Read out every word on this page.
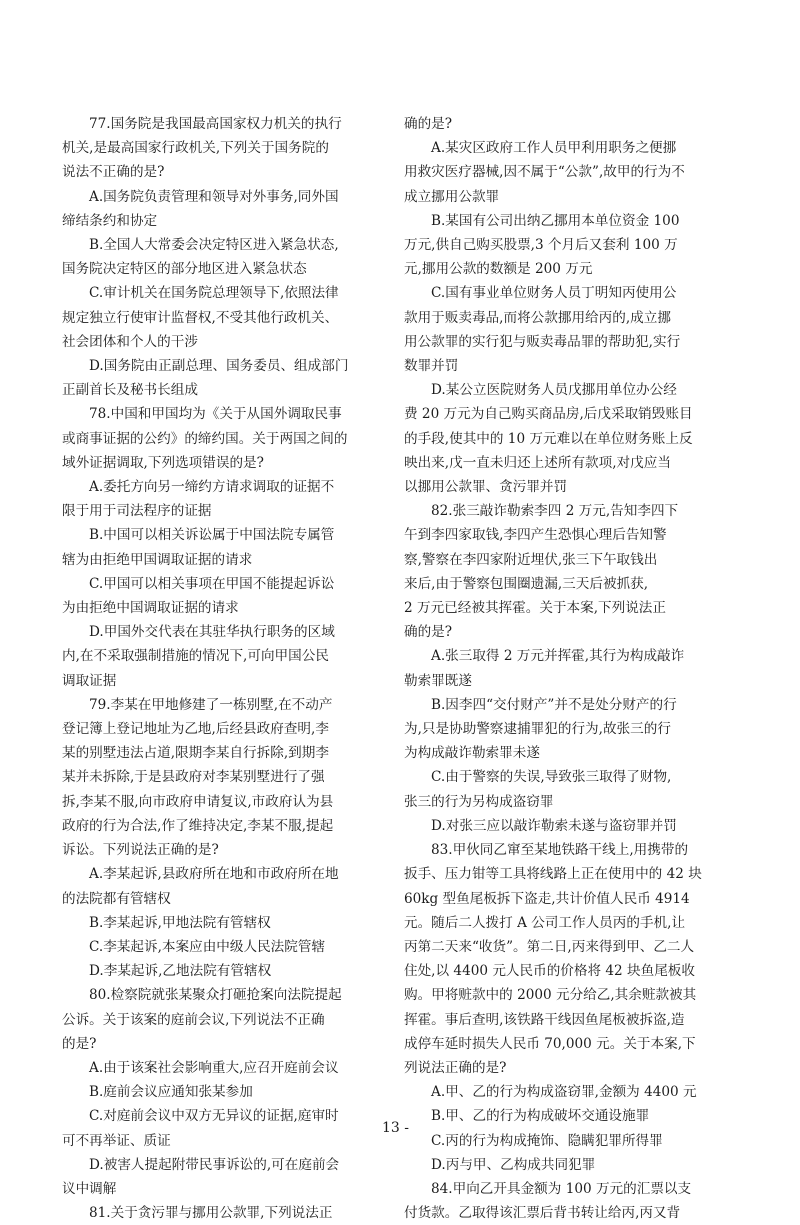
77.国务院是我国最高国家权力机关的执行
机关,是最高国家行政机关,下列关于国务院的
说法不正确的是?

A.国务院负责管理和领导对外事务,同外国
缔结条约和协定

B.全国人大常委会决定特区进入紧急状态,
国务院决定特区的部分地区进入紧急状态

C.审计机关在国务院总理领导下,依照法律
规定独立行使审计监督权,不受其他行政机关、
社会团体和个人的干涉

D.国务院由正副总理、国务委员、组成部门
正副首长及秘书长组成

78.中国和甲国均为《关于从国外调取民事
或商事证据的公约》的缔约国。关于两国之间的
域外证据调取,下列选项错误的是?

A.委托方向另一缔约方请求调取的证据不
限于用于司法程序的证据

B.中国可以相关诉讼属于中国法院专属管
辖为由拒绝甲国调取证据的请求

C.甲国可以相关事项在甲国不能提起诉讼
为由拒绝中国调取证据的请求

D.甲国外交代表在其驻华执行职务的区域
内,在不采取强制措施的情况下,可向甲国公民
调取证据

79.李某在甲地修建了一栋别墅,在不动产
登记簿上登记地址为乙地,后经县政府查明,李
某的别墅违法占道,限期李某自行拆除,到期李
某并未拆除,于是县政府对李某别墅进行了强
拆,李某不服,向市政府申请复议,市政府认为县
政府的行为合法,作了维持决定,李某不服,提起
诉讼。下列说法正确的是?

A.李某起诉,县政府所在地和市政府所在地
的法院都有管辖权

B.李某起诉,甲地法院有管辖权

C.李某起诉,本案应由中级人民法院管辖

D.李某起诉,乙地法院有管辖权

80.检察院就张某聚众打砸抢案向法院提起
公诉。关于该案的庭前会议,下列说法不正确
的是?

A.由于该案社会影响重大,应召开庭前会议

B.庭前会议应通知张某参加

C.对庭前会议中双方无异议的证据,庭审时
可不再举证、质证

D.被害人提起附带民事诉讼的,可在庭前会
议中调解

81.关于贪污罪与挪用公款罪,下列说法正

确的是?

A.某灾区政府工作人员甲利用职务之便挪
用救灾医疗器械,因不属于“公款”,故甲的行为不
成立挪用公款罪

B.某国有公司出纳乙挪用本单位资金 100
万元,供自己购买股票,3 个月后又套利 100 万
元,挪用公款的数额是 200 万元

C.国有事业单位财务人员丁明知丙使用公
款用于贩卖毒品,而将公款挪用给丙的,成立挪
用公款罪的实行犯与贩卖毒品罪的帮助犯,实行
数罪并罚

D.某公立医院财务人员戊挪用单位办公经
费 20 万元为自己购买商品房,后戊采取销毁账目
的手段,使其中的 10 万元难以在单位财务账上反
映出来,戊一直未归还上述所有款项,对戊应当
以挪用公款罪、贪污罪并罚

82.张三敲诈勒索李四 2 万元,告知李四下
午到李四家取钱,李四产生恐惧心理后告知警
察,警察在李四家附近埋伏,张三下午取钱出
来后,由于警察包围圈遗漏,三天后被抓获,
2 万元已经被其挥霍。关于本案,下列说法正
确的是?

A.张三取得 2 万元并挥霍,其行为构成敲诈
勒索罪既遂

B.因李四“交付财产”并不是处分财产的行
为,只是协助警察逮捕罪犯的行为,故张三的行
为构成敲诈勒索罪未遂

C.由于警察的失误,导致张三取得了财物,
张三的行为另构成盗窃罪

D.对张三应以敲诈勒索未遂与盗窃罪并罚

83.甲伙同乙窜至某地铁路干线上,用携带的
扳手、压力钳等工具将线路上正在使用中的 42 块
60kg 型鱼尾板拆下盗走,共计价值人民币 4914
元。随后二人拨打 A 公司工作人员丙的手机,让
丙第二天来“收货”。第二日,丙来得到甲、乙二人
住处,以 4400 元人民币的价格将 42 块鱼尾板收
购。甲将赃款中的 2000 元分给乙,其余赃款被其
挥霍。事后查明,该铁路干线因鱼尾板被拆盗,造
成停车延时损失人民币 70,000 元。关于本案,下
列说法正确的是?

A.甲、乙的行为构成盗窃罪,金额为 4400 元

B.甲、乙的行为构成破坏交通设施罪

C.丙的行为构成掩饰、隐瞒犯罪所得罪

D.丙与甲、乙构成共同犯罪

84.甲向乙开具金额为 100 万元的汇票以支
付货款。乙取得该汇票后背书转让给丙,丙又背

13 -
